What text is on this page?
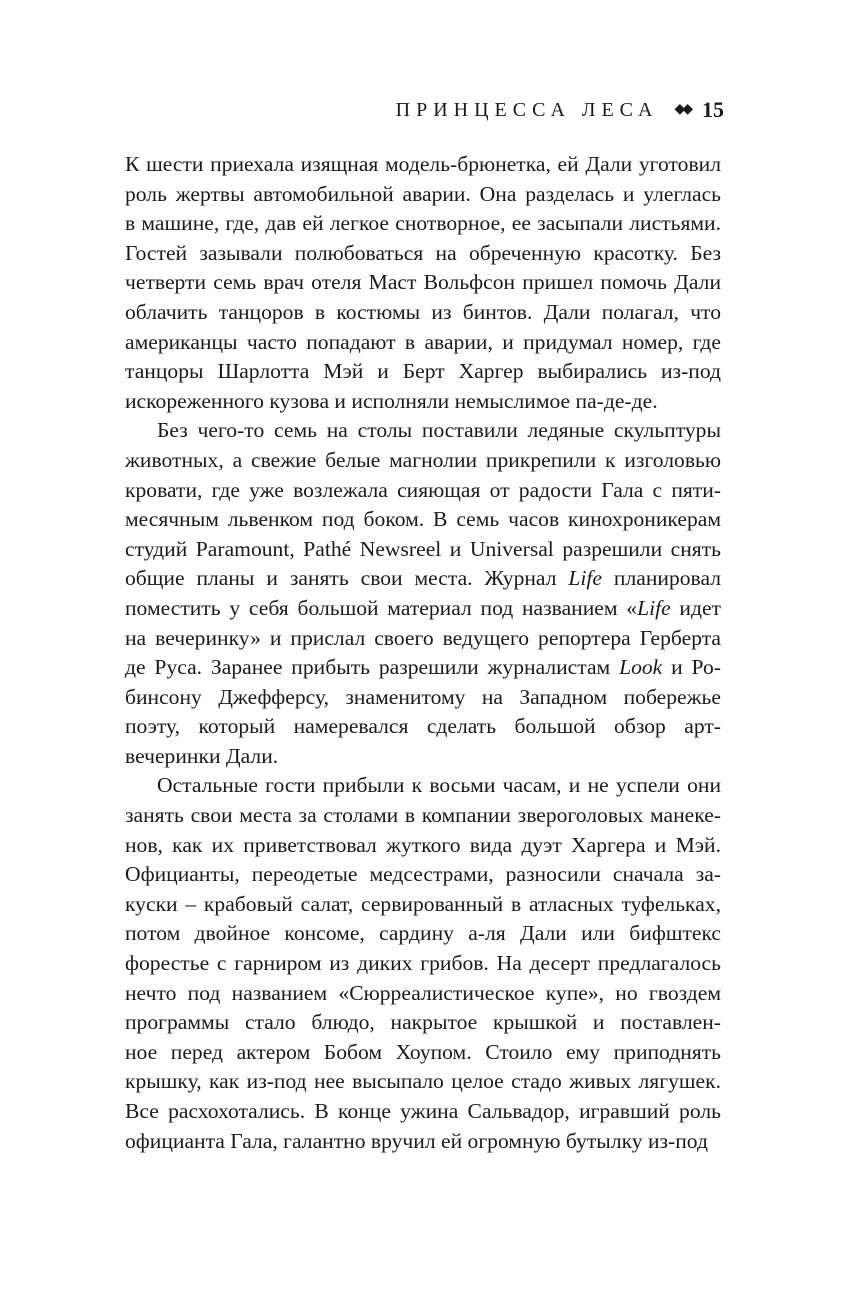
ПРИНЦЕССА ЛЕСА ◆◆ 15
К шести приехала изящная модель-брюнетка, ей Дали уготовил
роль жертвы автомобильной аварии. Она разделась и улеглась
в машине, где, дав ей легкое снотворное, ее засыпали листьями.
Гостей зазывали полюбоваться на обреченную красотку. Без
четверти семь врач отеля Маст Вольфсон пришел помочь Дали
облачить танцоров в костюмы из бинтов. Дали полагал, что
американцы часто попадают в аварии, и придумал номер, где
танцоры Шарлотта Мэй и Берт Харгер выбирались из-под
искореженного кузова и исполняли немыслимое па-де-де.
Без чего-то семь на столы поставили ледяные скульптуры
животных, а свежие белые магнолии прикрепили к изголовью
кровати, где уже возлежала сияющая от радости Гала с пяти-
месячным львенком под боком. В семь часов кинохроникерам
студий Paramount, Pathé Newsreel и Universal разрешили снять
общие планы и занять свои места. Журнал Life планировал
поместить у себя большой материал под названием «Life идет
на вечеринку» и прислал своего ведущего репортера Герберта
де Руса. Заранее прибыть разрешили журналистам Look и Ро-
бинсону Джефферсу, знаменитому на Западном побережье
поэту, который намеревался сделать большой обзор арт-
вечеринки Дали.
Остальные гости прибыли к восьми часам, и не успели они
занять свои места за столами в компании звероголовых манеке-
нов, как их приветствовал жуткого вида дуэт Харгера и Мэй.
Официанты, переодетые медсестрами, разносили сначала за-
куски – крабовый салат, сервированный в атласных туфельках,
потом двойное консоме, сардину а-ля Дали или бифштекс
форестье с гарниром из диких грибов. На десерт предлагалось
нечто под названием «Сюрреалистическое купе», но гвоздем
программы стало блюдо, накрытое крышкой и поставлен-
ное перед актером Бобом Хоупом. Стоило ему приподнять
крышку, как из-под нее высыпало целое стадо живых лягушек.
Все расхохотались. В конце ужина Сальвадор, игравший роль
официанта Гала, галантно вручил ей огромную бутылку из-под
